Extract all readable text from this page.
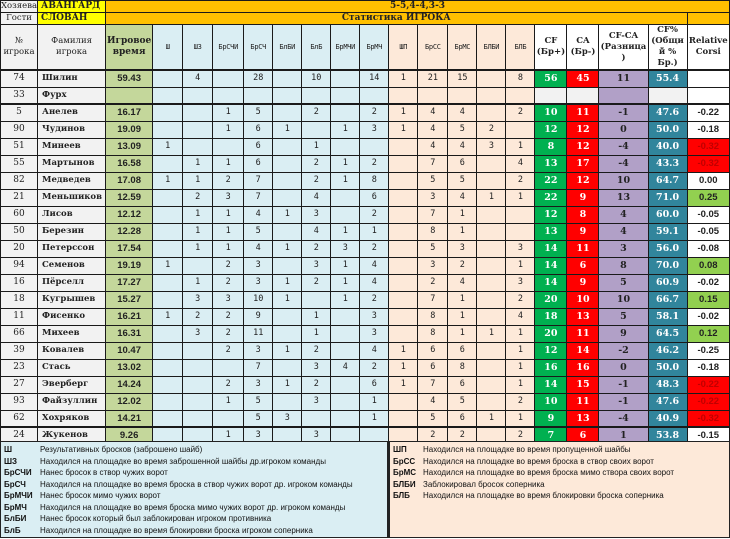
Хозяева	АВАНГАРД	5-5,4-4,3-3																		
Гости	СЛОВАН	Статистика ИГРОКА																		
№ игрока	Фамилия игрока	Игровое время	Ш	ШЗ	БрСЧИ	БрСЧ	БлБИ	БлБ	БрМЧИ	БрМЧ	ШП	БрСС	БрМС	БЛБИ	БЛБ	CF (Бр+)	CA (Бр-)	CF-CA (Разница)	CF% (Общий % Бр.)	Relative Corsi
74	Шилин	59.43		4		28		10		14	1	21	15		8	56	45	11	55.4	
33	Фурх																			
5	Анелев	16.17			1	5		2		2	1	4	4		2	10	11	-1	47.6	-0.22
90	Чудинов	19.09			1	6	1		1	3	1	4	5	2		12	12	0	50.0	-0.18
51	Минеев	13.09	1			6		1				4	4	3	1	8	12	-4	40.0	-0.32
55	Мартынов	16.58		1	1	6		2	1	2		7	6		4	13	17	-4	43.3	-0.32
82	Медведев	17.08	1	1	2	7		2	1	8		5	5		2	22	12	10	64.7	0.00
21	Меньшиков	12.59		2	3	7		4		6		3	4	1	1	22	9	13	71.0	0.25
60	Лисов	12.12		1	1	4	1	3		2		7	1			12	8	4	60.0	-0.05
50	Березин	12.28		1	1	5		4	1	1		8	1			13	9	4	59.1	-0.05
20	Петерссон	17.54		1	1	4	1	2	3	2		5	3		3	14	11	3	56.0	-0.08
94	Семенов	19.19	1		2	3		3	1	4		3	2		1	14	6	8	70.0	0.08
16	Пёрселл	17.27		1	2	3	1	2	1	4		2	4		3	14	9	5	60.9	-0.02
18	Кугрышев	15.27		3	3	10	1		1	2		7	1		2	20	10	10	66.7	0.15
11	Фисенко	16.21	1	2	2	9		1		3		8	1		4	18	13	5	58.1	-0.02
66	Михеев	16.31		3	2	11		1		3		8	1	1	1	20	11	9	64.5	0.12
39	Ковалев	10.47			2	3	1	2		4	1	6	6		1	12	14	-2	46.2	-0.25
23	Стась	13.02				7		3	4	2	1	6	8		1	16	16	0	50.0	-0.18
27	Эверберг	14.24			2	3	1	2		6	1	7	6		1	14	15	-1	48.3	-0.22
93	Файзуллин	12.02			1	5		3		1		4	5		2	10	11	-1	47.6	-0.22
62	Хохряков	14.21				5	3			1		5	6	1	1	9	13	-4	40.9	-0.32
24	Жукенов	9.26			1	3		3				2	2		2	7	6	1	53.8	-0.15
Ш	Результативных бросков (заброшено шайб)
ШЗ	Находился на площадке во время заброшенной шайбы др.игроком команды
БрСЧИ	Нанес бросок в створ чужих ворот
БрСЧ	Находился на площадке во время броска в створ чужих ворот др. игроком команды
БрМЧИ Нанес бросок мимо чужих ворот
БрМЧ	Находился на площадке во время броска мимо чужих ворот др. игроком команды
БлБИ	Нанес бросок который был заблокирован игроком противника
БлБ	Находился на площадке во время блокировки броска игроком соперника
ШП	Находился на площадке во время пропущенной шайбы
БрСС Находился на площадке во время броска в створ своих ворот
БрМС Находился на площадке во время броска мимо створа своих ворот
БЛБИ Заблокировал бросок соперника
БЛБ	Находился на площадке во время блокировки броска соперника
